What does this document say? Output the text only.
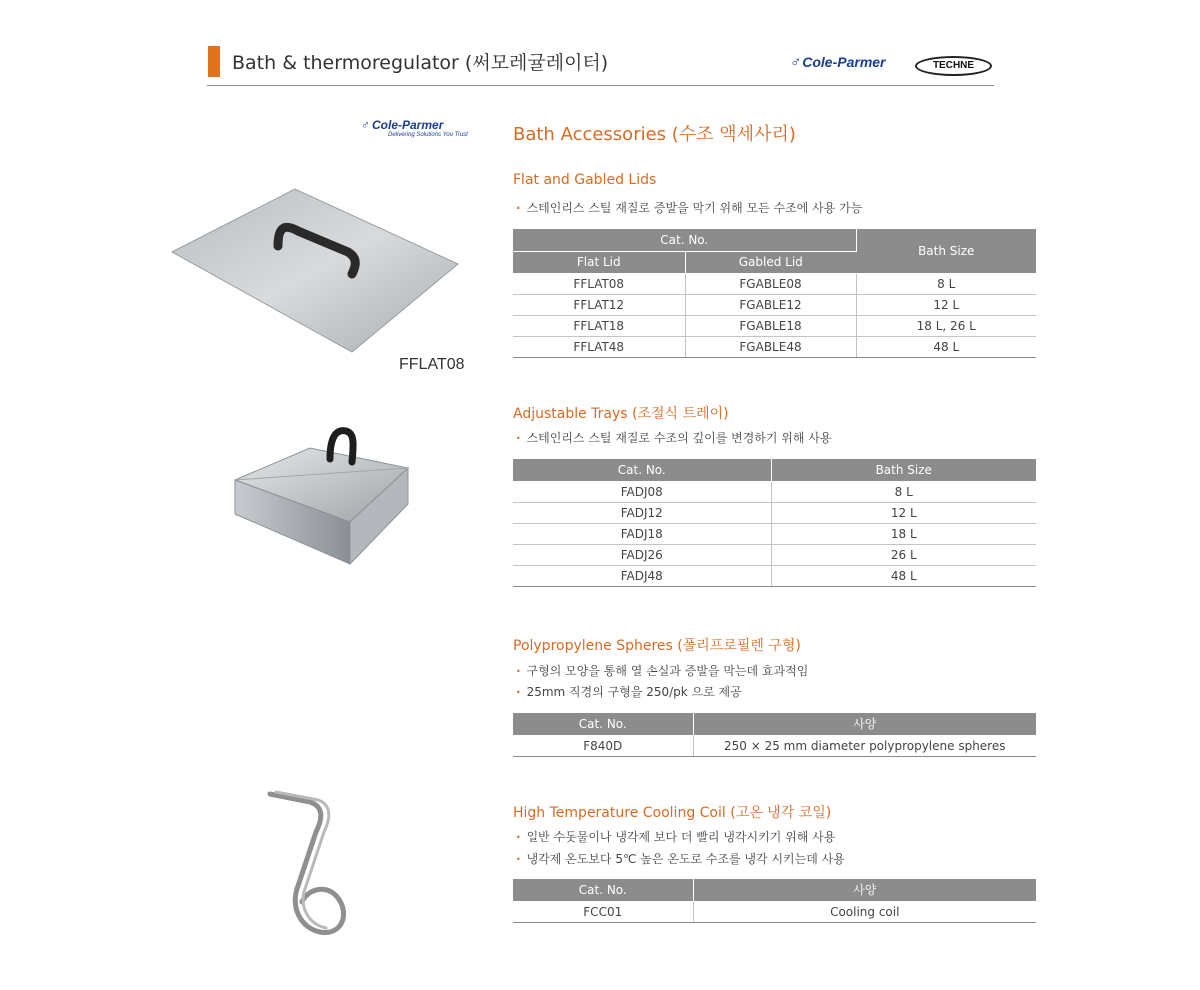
Bath & thermoregulator (써모레귤레이터)	♂ Cole-Parmer	TECHNE
♂ Cole-Parmer
Delivering Solutions You Trust
FFLAT08
Bath Accessories (수조 액세사리)
Flat and Gabled Lids
· 스테인리스 스틸 재질로 증발을 막기 위해 모든 수조에 사용 가능
Cat. No.		Bath Size
Flat Lid	Gabled Lid	
FFLAT08	FGABLE08	8 L
FFLAT12	FGABLE12	12 L
FFLAT18	FGABLE18	18 L, 26 L
FFLAT48	FGABLE48	48 L
Adjustable Trays (조절식 트레이)
· 스테인리스 스틸 재질로 수조의 깊이를 변경하기 위해 사용
Cat. No.	Bath Size
FADJ08	8 L
FADJ12	12 L
FADJ18	18 L
FADJ26	26 L
FADJ48	48 L
Polypropylene Spheres (폴리프로필렌 구형)
· 구형의 모양을 통해 열 손실과 증발을 막는데 효과적임
· 25mm 직경의 구형을 250/pk 으로 제공
Cat. No.	사양
F840D	250 × 25 mm diameter polypropylene spheres
High Temperature Cooling Coil (고온 냉각 코일)
· 일반 수돗물이나 냉각제 보다 더 빨리 냉각시키기 위해 사용
· 냉각제 온도보다 5℃ 높은 온도로 수조를 냉각 시키는데 사용
Cat. No.	사양
FCC01	Cooling coil
